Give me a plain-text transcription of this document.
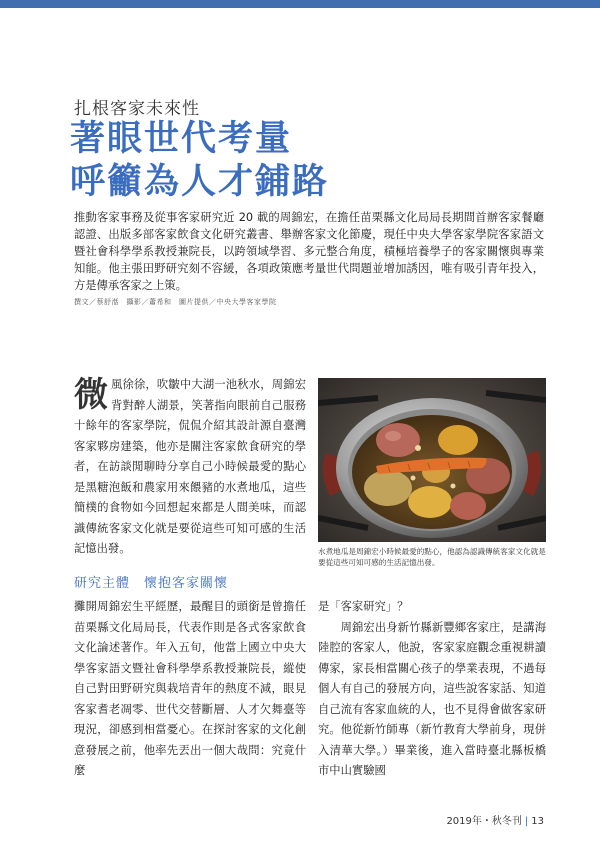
扎根客家未來性
著眼世代考量
呼籲為人才鋪路

推動客家事務及從事客家研究近 20 載的周錦宏，在擔任苗栗縣文化局局長期間首辦客家餐廳認證、出版多部客家飲食文化研究叢書、舉辦客家文化節慶，現任中央大學客家學院客家語文暨社會科學學系教授兼院長，以跨領域學習、多元整合角度，積極培養學子的客家關懷與專業知能。他主張田野研究刻不容緩，各項政策應考量世代問題並增加誘因，唯有吸引青年投入，方是傳承客家之上策。

撰文／蔡舒湉　攝影／蕭希和　圖片提供／中央大學客家學院

微風徐徐，吹皺中大湖一池秋水，周錦宏背對醉人湖景，笑著指向眼前自己服務十餘年的客家學院，侃侃介紹其設計源自臺灣客家夥房建築，他亦是關注客家飲食研究的學者，在訪談閒聊時分享自己小時候最愛的點心是黑糖泡飯和農家用來餵豬的水煮地瓜，這些簡樸的食物如今回想起來都是人間美味，而認識傳統客家文化就是要從這些可知可感的生活記憶出發。	水煮地瓜是周錦宏小時候最愛的點心，他認為認識傳統客家文化就是要從這些可知可感的生活記憶出發。

研究主體　懷抱客家關懷

攤開周錦宏生平經歷，最醒目的頭銜是曾擔任苗栗縣文化局局長，代表作則是各式客家飲食文化論述著作。年入五旬，他當上國立中央大學客家語文暨社會科學學系教授兼院長，縱使自己對田野研究與栽培青年的熱度不減，眼見客家耆老凋零、世代交替斷層、人才欠舞臺等現況，卻感到相當憂心。在探討客家的文化創意發展之前，他率先丟出一個大哉問：究竟什麼

是「客家研究」？
周錦宏出身新竹縣新豐鄉客家庄，是講海陸腔的客家人，他說，客家家庭觀念重視耕讀傳家，家長相當關心孩子的學業表現，不過每個人有自己的發展方向，這些說客家話、知道自己流有客家血統的人，也不見得會做客家研究。他從新竹師專（新竹教育大學前身，現併入清華大學。）畢業後，進入當時臺北縣板橋市中山實驗國
2019年・秋冬刊 | 13
